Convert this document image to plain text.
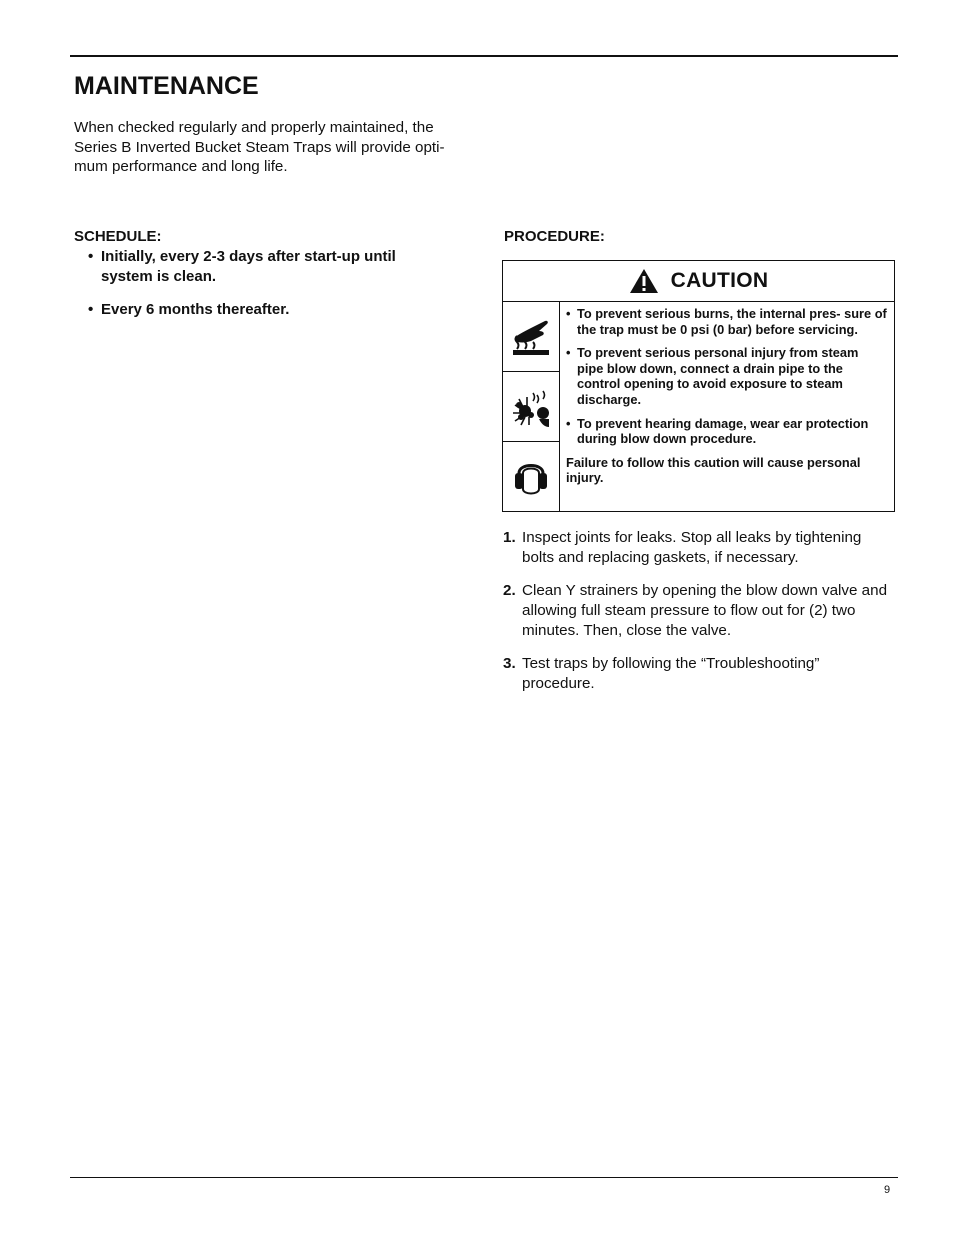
MAINTENANCE
When checked regularly and properly maintained, the Series B Inverted Bucket Steam Traps will provide opti- mum performance and long life.
SCHEDULE:
• Initially, every 2-3 days after start-up until system is clean.
• Every 6 months thereafter.
PROCEDURE:
CAUTION
• To prevent serious burns, the internal pres- sure of the trap must be 0 psi (0 bar) before servicing.
• To prevent serious personal injury from steam pipe blow down, connect a drain pipe to the control opening to avoid exposure to steam discharge.
• To prevent hearing damage, wear ear protection during blow down procedure.
Failure to follow this caution will cause personal injury.
1. Inspect joints for leaks. Stop all leaks by tightening bolts and replacing gaskets, if necessary.
2. Clean Y strainers by opening the blow down valve and allowing full steam pressure to flow out for (2) two minutes. Then, close the valve.
3. Test traps by following the “Troubleshooting” procedure.
9
